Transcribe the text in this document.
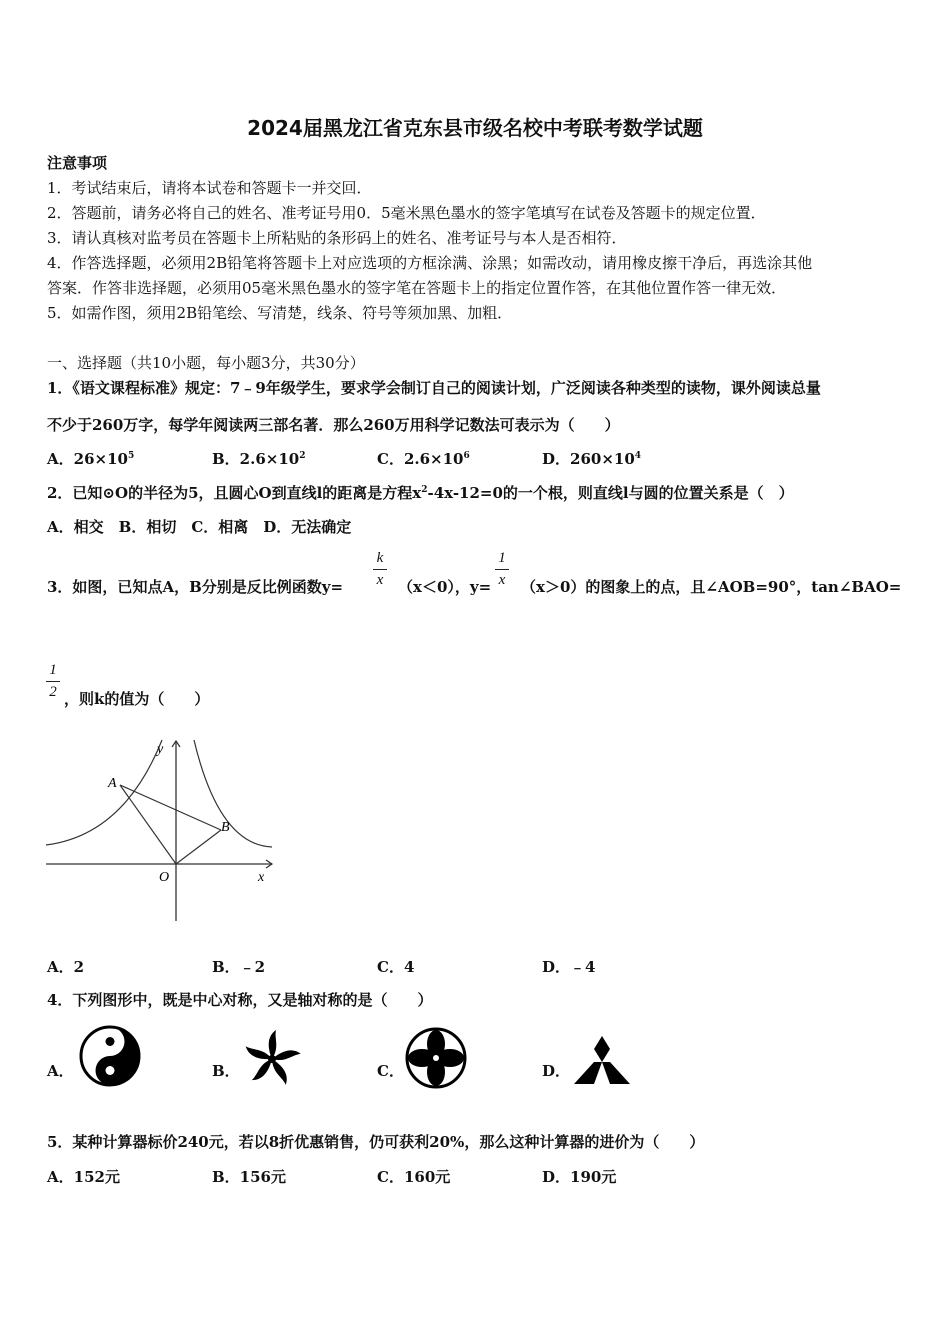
2024届黑龙江省克东县市级名校中考联考数学试题
注意事项
1．考试结束后，请将本试卷和答题卡一并交回．
2．答题前，请务必将自己的姓名、准考证号用0．5毫米黑色墨水的签字笔填写在试卷及答题卡的规定位置．
3．请认真核对监考员在答题卡上所粘贴的条形码上的姓名、准考证号与本人是否相符．
4．作答选择题，必须用2B铅笔将答题卡上对应选项的方框涂满、涂黑；如需改动，请用橡皮擦干净后，再选涂其他
答案．作答非选择题，必须用05毫米黑色墨水的签字笔在答题卡上的指定位置作答，在其他位置作答一律无效．
5．如需作图，须用2B铅笔绘、写清楚，线条、符号等须加黑、加粗．
一、选择题（共10小题，每小题3分，共30分）
1．《语文课程标准》规定：7﹣9年级学生，要求学会制订自己的阅读计划，广泛阅读各种类型的读物，课外阅读总量
不少于260万字，每学年阅读两三部名著．那么260万用科学记数法可表示为（　　）
A．$26\times 10^5$	B．$2.6\times 10^2$	C．$2.6\times 10^6$	D．$260\times 10^4$
2．已知⊙O的半径为5，且圆心O到直线l的距离是方程$x^2-4x-12=0$的一个根，则直线l与圆的位置关系是（　）
A．相交　B．相切　C．相离　D．无法确定
3．如图，已知点A，B分别是反比例函数y=
k
x （x＜0），y=
1
x （x＞0）的图象上的点，且∠AOB=90°，tan∠BAO=
1
2 ，则k的值为（　　）
y
x
A
B
O
A．2	B．﹣2	C．4	D．﹣4
4．下列图形中，既是中心对称，又是轴对称的是（　　）
A．	B．	C．	D．
5．某种计算器标价240元，若以8折优惠销售，仍可获利20%，那么这种计算器的进价为（　　）
A．152元	B．156元	C．160元	D．190元
